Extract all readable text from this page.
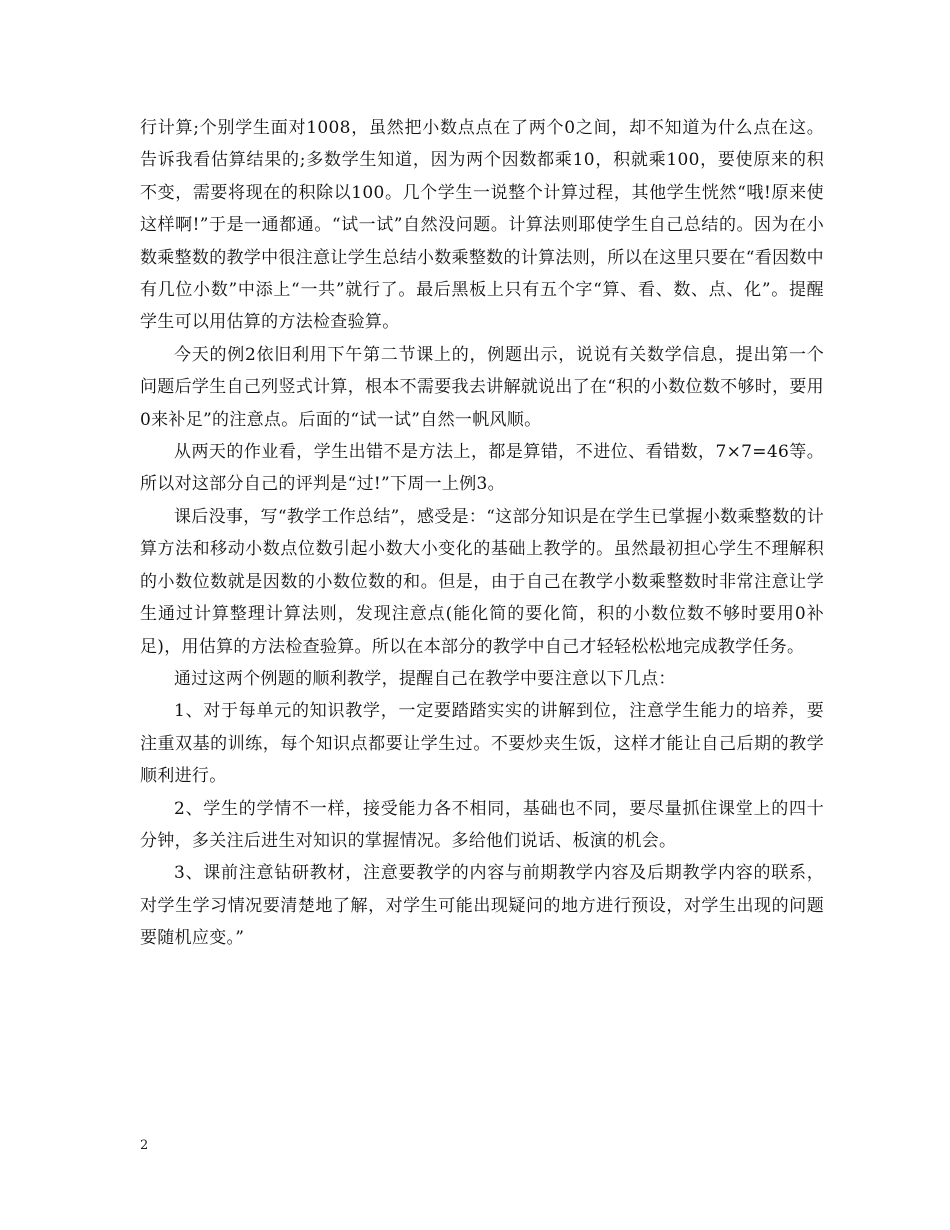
行计算;个别学生面对1008，虽然把小数点点在了两个0之间，却不知道为什么点在这。告诉我看估算结果的;多数学生知道，因为两个因数都乘10，积就乘100，要使原来的积不变，需要将现在的积除以100。几个学生一说整个计算过程，其他学生恍然“哦!原来使这样啊!”于是一通都通。“试一试”自然没问题。计算法则耶使学生自己总结的。因为在小数乘整数的教学中很注意让学生总结小数乘整数的计算法则，所以在这里只要在“看因数中有几位小数”中添上“一共”就行了。最后黑板上只有五个字“算、看、数、点、化”。提醒学生可以用估算的方法检查验算。

今天的例2依旧利用下午第二节课上的，例题出示，说说有关数学信息，提出第一个问题后学生自己列竖式计算，根本不需要我去讲解就说出了在“积的小数位数不够时，要用0来补足”的注意点。后面的“试一试”自然一帆风顺。

从两天的作业看，学生出错不是方法上，都是算错，不进位、看错数，7×7=46等。所以对这部分自己的评判是“过!”下周一上例3。

课后没事，写“教学工作总结”，感受是：“这部分知识是在学生已掌握小数乘整数的计算方法和移动小数点位数引起小数大小变化的基础上教学的。虽然最初担心学生不理解积的小数位数就是因数的小数位数的和。但是，由于自己在教学小数乘整数时非常注意让学生通过计算整理计算法则，发现注意点(能化简的要化简，积的小数位数不够时要用0补足)，用估算的方法检查验算。所以在本部分的教学中自己才轻轻松松地完成教学任务。

通过这两个例题的顺利教学，提醒自己在教学中要注意以下几点：

1、对于每单元的知识教学，一定要踏踏实实的讲解到位，注意学生能力的培养，要注重双基的训练，每个知识点都要让学生过。不要炒夹生饭，这样才能让自己后期的教学顺利进行。

2、学生的学情不一样，接受能力各不相同，基础也不同，要尽量抓住课堂上的四十分钟，多关注后进生对知识的掌握情况。多给他们说话、板演的机会。

3、课前注意钻研教材，注意要教学的内容与前期教学内容及后期教学内容的联系，对学生学习情况要清楚地了解，对学生可能出现疑问的地方进行预设，对学生出现的问题要随机应变。”

2
